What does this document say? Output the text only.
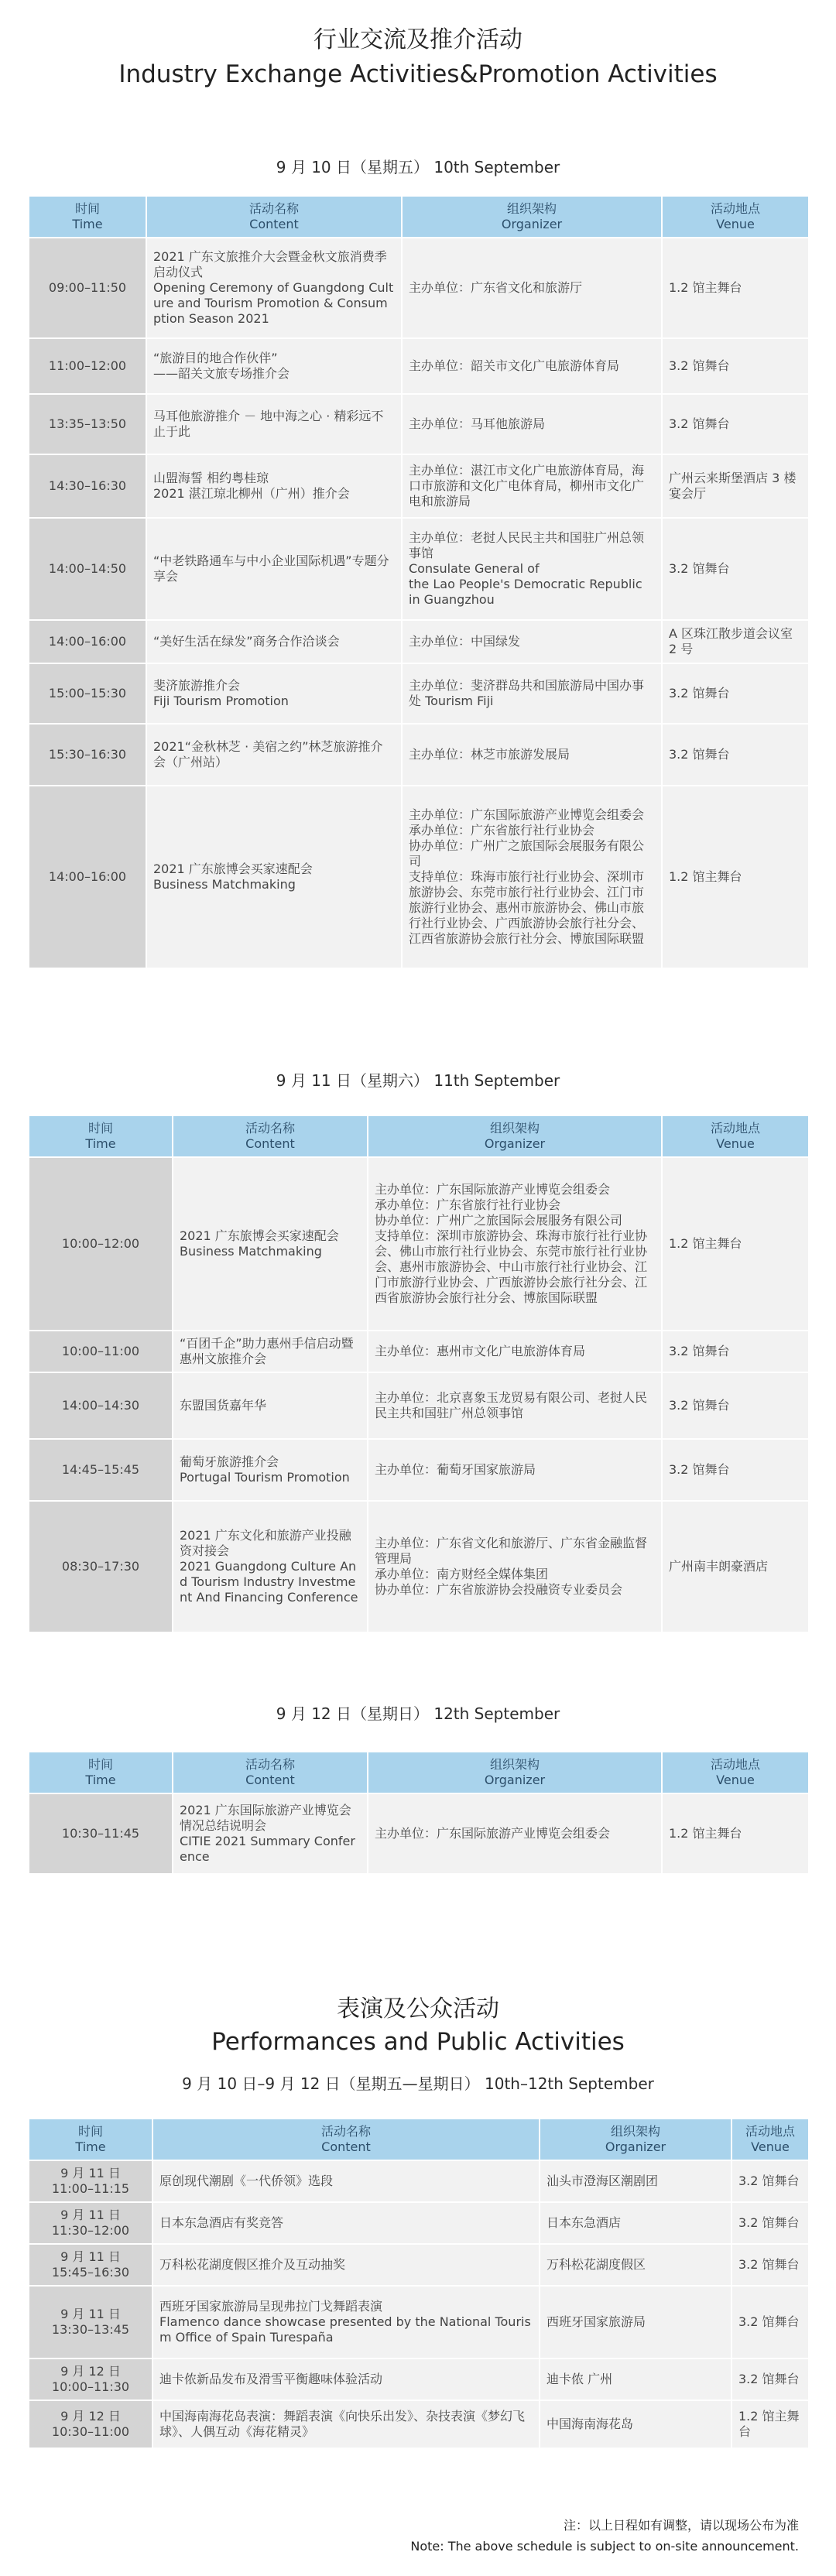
行业交流及推介活动
Industry Exchange Activities&Promotion Activities
9 月 10 日（星期五） 10th September
时间
Time	活动名称
Content	组织架构
Organizer	活动地点
Venue

09:00–11:50	2021 广东文旅推介大会暨金秋文旅消费季启动仪式
Opening Ceremony of Guangdong Culture and Tourism Promotion & Consumption Season 2021	主办单位：广东省文化和旅游厅	1.2 馆主舞台
11:00–12:00	“旅游目的地合作伙伴”
——韶关文旅专场推介会	主办单位：韶关市文化广电旅游体育局	3.2 馆舞台
13:35–13:50	马耳他旅游推介 － 地中海之心 · 精彩远不止于此	主办单位：马耳他旅游局	3.2 馆舞台
14:30–16:30	山盟海誓 相约粤桂琼
2021 湛江琼北柳州（广州）推介会	主办单位：湛江市文化广电旅游体育局，海口市旅游和文化广电体育局，柳州市文化广电和旅游局	广州云来斯堡酒店 3 楼宴会厅
14:00–14:50	“中老铁路通车与中小企业国际机遇”专题分享会	主办单位：老挝人民民主共和国驻广州总领事馆
Consulate General of
the Lao People's Democratic Republic
in Guangzhou	3.2 馆舞台
14:00–16:00	“美好生活在绿发”商务合作洽谈会	主办单位：中国绿发	A 区珠江散步道会议室 2 号
15:00–15:30	斐济旅游推介会
Fiji Tourism Promotion	主办单位：斐济群岛共和国旅游局中国办事处 Tourism Fiji	3.2 馆舞台
15:30–16:30	2021“金秋林芝 · 美宿之约”林芝旅游推介会（广州站）	主办单位：林芝市旅游发展局	3.2 馆舞台
14:00–16:00	2021 广东旅博会买家速配会
Business Matchmaking	主办单位：广东国际旅游产业博览会组委会
承办单位：广东省旅行社行业协会
协办单位：广州广之旅国际会展服务有限公司
支持单位：珠海市旅行社行业协会、深圳市旅游协会、东莞市旅行社行业协会、江门市旅游行业协会、惠州市旅游协会、佛山市旅行社行业协会、广西旅游协会旅行社分会、江西省旅游协会旅行社分会、博旅国际联盟	1.2 馆主舞台
9 月 11 日（星期六） 11th September
时间
Time	活动名称
Content	组织架构
Organizer	活动地点
Venue

10:00–12:00	2021 广东旅博会买家速配会
Business Matchmaking	主办单位：广东国际旅游产业博览会组委会
承办单位：广东省旅行社行业协会
协办单位：广州广之旅国际会展服务有限公司
支持单位：深圳市旅游协会、珠海市旅行社行业协会、佛山市旅行社行业协会、东莞市旅行社行业协会、惠州市旅游协会、中山市旅行社行业协会、江门市旅游行业协会、广西旅游协会旅行社分会、江西省旅游协会旅行社分会、博旅国际联盟	1.2 馆主舞台
10:00–11:00	“百团千企”助力惠州手信启动暨惠州文旅推介会	主办单位：惠州市文化广电旅游体育局	3.2 馆舞台
14:00–14:30	东盟国货嘉年华	主办单位：北京喜象玉龙贸易有限公司、老挝人民民主共和国驻广州总领事馆	3.2 馆舞台
14:45–15:45	葡萄牙旅游推介会
Portugal Tourism Promotion	主办单位：葡萄牙国家旅游局	3.2 馆舞台
08:30–17:30	2021 广东文化和旅游产业投融资对接会
2021 Guangdong Culture And Tourism Industry Investment And Financing Conference	主办单位：广东省文化和旅游厅、广东省金融监督管理局
承办单位：南方财经全媒体集团
协办单位：广东省旅游协会投融资专业委员会	广州南丰朗豪酒店
9 月 12 日（星期日） 12th September
时间
Time	活动名称
Content	组织架构
Organizer	活动地点
Venue

10:30–11:45	2021 广东国际旅游产业博览会情况总结说明会
CITIE 2021 Summary Conference	主办单位：广东国际旅游产业博览会组委会	1.2 馆主舞台
表演及公众活动
Performances and Public Activities
9 月 10 日–9 月 12 日（星期五—星期日） 10th–12th September
时间
Time	活动名称
Content	组织架构
Organizer	活动地点
Venue

9 月 11 日
11:00–11:15	原创现代潮剧《一代侨领》选段	汕头市澄海区潮剧团	3.2 馆舞台

9 月 11 日
11:30–12:00	日本东急酒店有奖竞答	日本东急酒店	3.2 馆舞台

9 月 11 日
15:45–16:30	万科松花湖度假区推介及互动抽奖	万科松花湖度假区	3.2 馆舞台

9 月 11 日
13:30–13:45	西班牙国家旅游局呈现弗拉门戈舞蹈表演
Flamenco dance showcase presented by the National Tourism Office of Spain Turespaña	西班牙国家旅游局	3.2 馆舞台

9 月 12 日
10:00–11:30	迪卡侬新品发布及滑雪平衡趣味体验活动	迪卡侬 广州	3.2 馆舞台

9 月 12 日
10:30–11:00	中国海南海花岛表演：舞蹈表演《向快乐出发》、杂技表演《梦幻飞球》、人偶互动《海花精灵》	中国海南海花岛	1.2 馆主舞台
注：以上日程如有调整，请以现场公布为准
Note: The above schedule is subject to on-site announcement.
